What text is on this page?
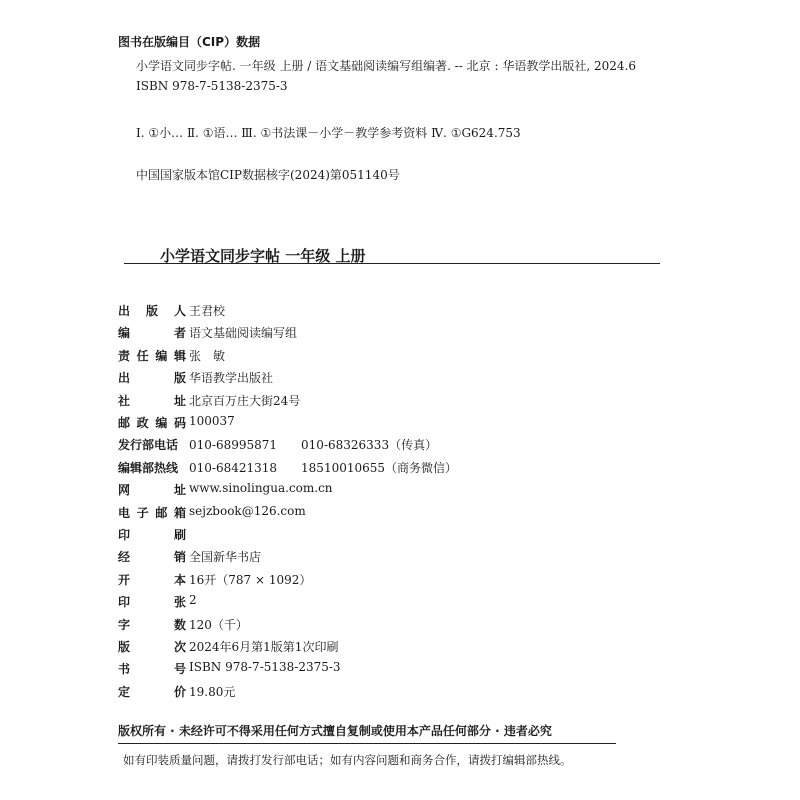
图书在版编目（CIP）数据
小学语文同步字帖. 一年级 上册 / 语文基础阅读编写组编著. -- 北京 : 华语教学出版社, 2024.6
ISBN 978-7-5138-2375-3
Ⅰ. ①小… Ⅱ. ①语… Ⅲ. ①书法课－小学－教学参考资料 Ⅳ. ①G624.753
中国国家版本馆CIP数据核字(2024)第051140号
小学语文同步字帖 一年级 上册
出 版 人 王君校
编	者 语文基础阅读编写组
责 任 编 辑 张　敏
出	版 华语教学出版社
社	址 北京百万庄大街24号
邮 政 编 码 100037
发行部电话 010-68995871　　010-68326333（传真）
编辑部热线 010-68421318　　18510010655（商务微信）
网	址 www.sinolingua.com.cn
电 子 邮 箱 sejzbook@126.com
印	刷
经	销 全国新华书店
开	本 16开（787 × 1092）
印	张 2
字	数 120（千）
版	次 2024年6月第1版第1次印刷
书	号 ISBN 978-7-5138-2375-3
定	价 19.80元
版权所有 · 未经许可不得采用任何方式擅自复制或使用本产品任何部分 · 违者必究
如有印装质量问题，请拨打发行部电话；如有内容问题和商务合作，请拨打编辑部热线。
